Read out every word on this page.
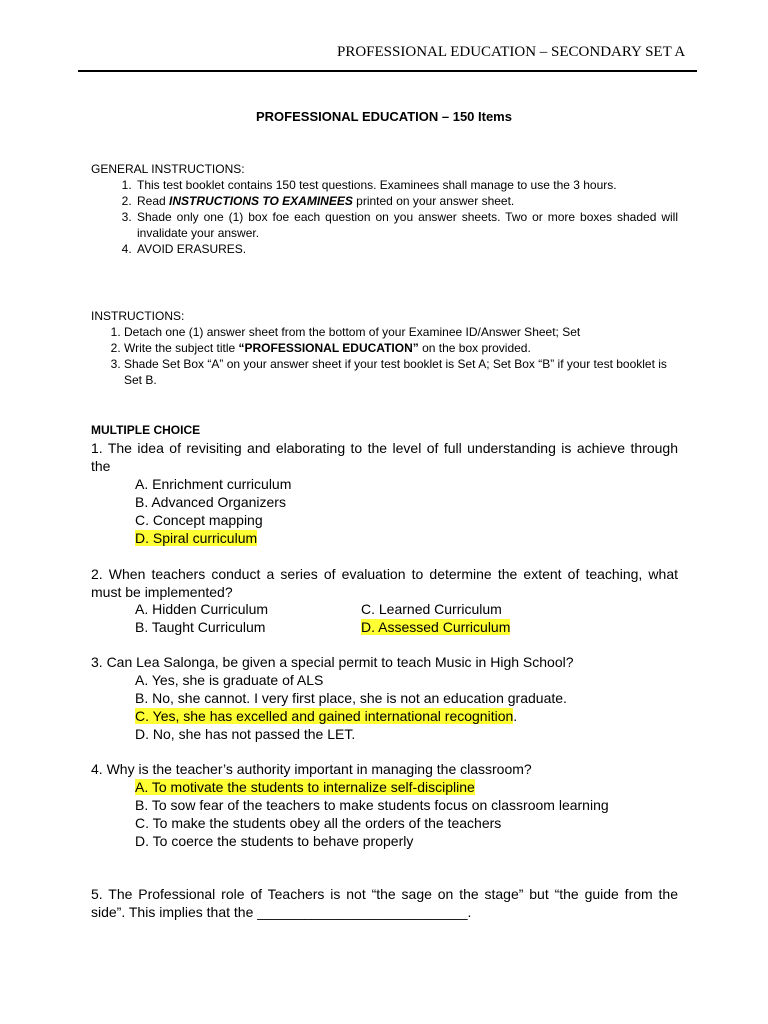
PROFESSIONAL EDUCATION – SECONDARY SET A
PROFESSIONAL EDUCATION – 150 Items
GENERAL INSTRUCTIONS:
1. This test booklet contains 150 test questions. Examinees shall manage to use the 3 hours.
2. Read INSTRUCTIONS TO EXAMINEES printed on your answer sheet.
3. Shade only one (1) box foe each question on you answer sheets. Two or more boxes shaded will invalidate your answer.
4. AVOID ERASURES.
INSTRUCTIONS:
1. Detach one (1) answer sheet from the bottom of your Examinee ID/Answer Sheet; Set
2. Write the subject title “PROFESSIONAL EDUCATION” on the box provided.
3. Shade Set Box “A” on your answer sheet if your test booklet is Set A; Set Box “B” if your test booklet is Set B.
MULTIPLE CHOICE
1. The idea of revisiting and elaborating to the level of full understanding is achieve through the
A. Enrichment curriculum
B. Advanced Organizers
C. Concept mapping
D. Spiral curriculum
2. When teachers conduct a series of evaluation to determine the extent of teaching, what must be implemented?
A. Hidden Curriculum
B. Taught Curriculum
C. Learned Curriculum
D. Assessed Curriculum
3. Can Lea Salonga, be given a special permit to teach Music in High School?
A. Yes, she is graduate of ALS
B. No, she cannot. I very first place, she is not an education graduate.
C. Yes, she has excelled and gained international recognition.
D. No, she has not passed the LET.
4. Why is the teacher’s authority important in managing the classroom?
A. To motivate the students to internalize self-discipline
B. To sow fear of the teachers to make students focus on classroom learning
C. To make the students obey all the orders of the teachers
D. To coerce the students to behave properly
5. The Professional role of Teachers is not “the sage on the stage” but “the guide from the side”. This implies that the ___________________________.
